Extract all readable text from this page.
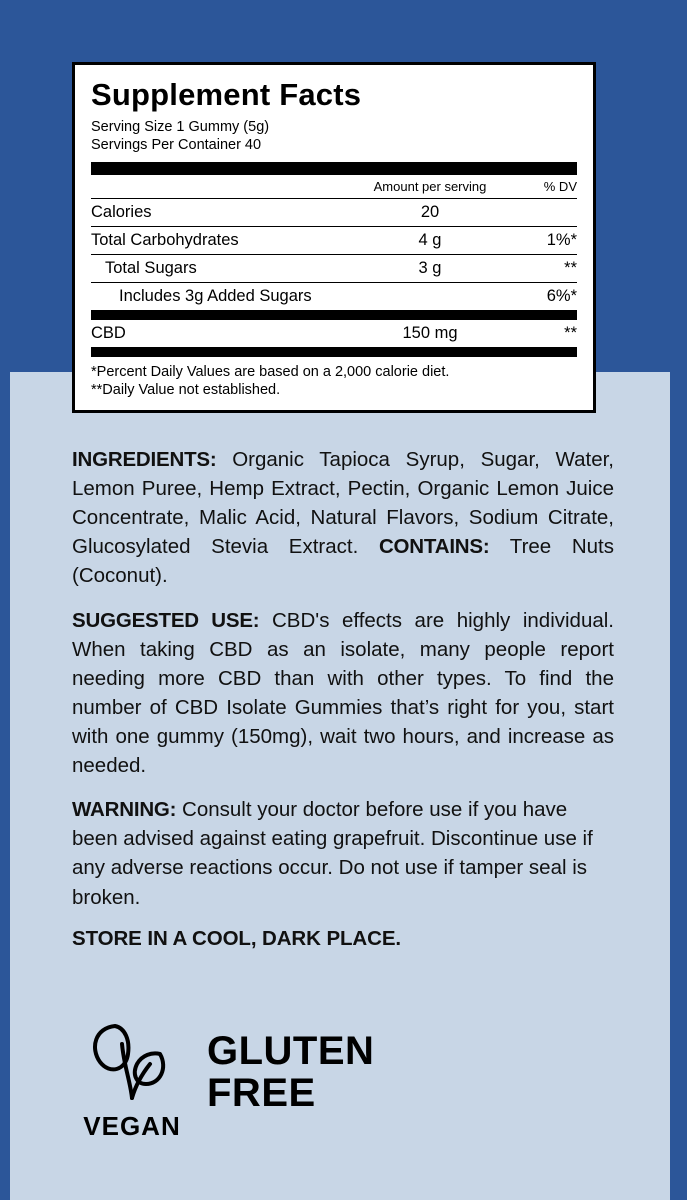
Supplement Facts
Serving Size 1 Gummy (5g)
Servings Per Container 40
	Amount per serving	% DV
Calories	20	
Total Carbohydrates	4 g	1%*
Total Sugars	3 g	**
Includes 3g Added Sugars		6%*
CBD	150 mg	**
*Percent Daily Values are based on a 2,000 calorie diet.
**Daily Value not established.

INGREDIENTS: Organic Tapioca Syrup, Sugar, Water, Lemon Puree, Hemp Extract, Pectin, Organic Lemon Juice Concentrate, Malic Acid, Natural Flavors, Sodium Citrate, Glucosylated Stevia Extract. CONTAINS: Tree Nuts (Coconut).

SUGGESTED USE: CBD's effects are highly individual. When taking CBD as an isolate, many people report needing more CBD than with other types. To find the number of CBD Isolate Gummies that’s right for you, start with one gummy (150mg), wait two hours, and increase as needed.

WARNING: Consult your doctor before use if you have been advised against eating grapefruit. Discontinue use if any adverse reactions occur. Do not use if tamper seal is broken.

STORE IN A COOL, DARK PLACE.

VEGAN
GLUTEN
FREE
